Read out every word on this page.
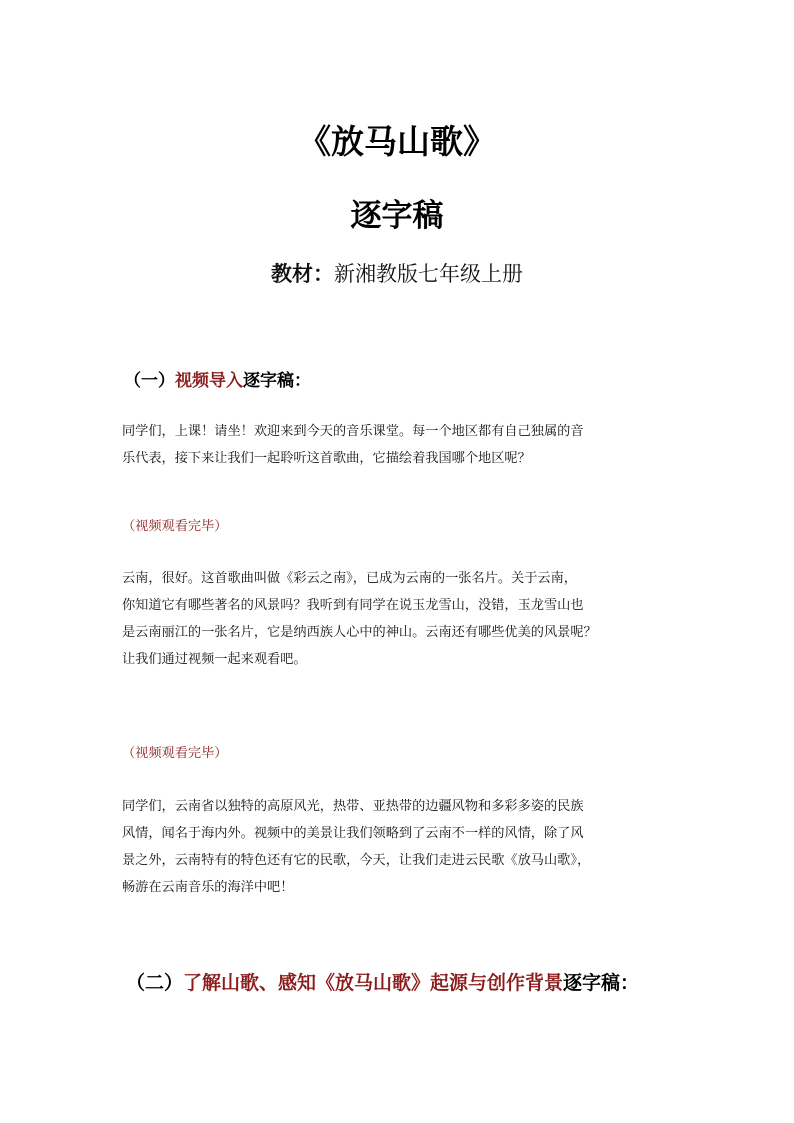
《放马山歌》
逐字稿
教材：新湘教版七年级上册
（一）视频导入逐字稿：
同学们，上课！请坐！欢迎来到今天的音乐课堂。每一个地区都有自己独属的音
乐代表，接下来让我们一起聆听这首歌曲，它描绘着我国哪个地区呢？
（视频观看完毕）
云南，很好。这首歌曲叫做《彩云之南》，已成为云南的一张名片。关于云南，
你知道它有哪些著名的风景吗？我听到有同学在说玉龙雪山，没错，玉龙雪山也
是云南丽江的一张名片，它是纳西族人心中的神山。云南还有哪些优美的风景呢？
让我们通过视频一起来观看吧。
（视频观看完毕）
同学们，云南省以独特的高原风光，热带、亚热带的边疆风物和多彩多姿的民族
风情，闻名于海内外。视频中的美景让我们领略到了云南不一样的风情，除了风
景之外，云南特有的特色还有它的民歌，今天，让我们走进云民歌《放马山歌》，
畅游在云南音乐的海洋中吧！
（二）了解山歌、感知《放马山歌》起源与创作背景逐字稿：
